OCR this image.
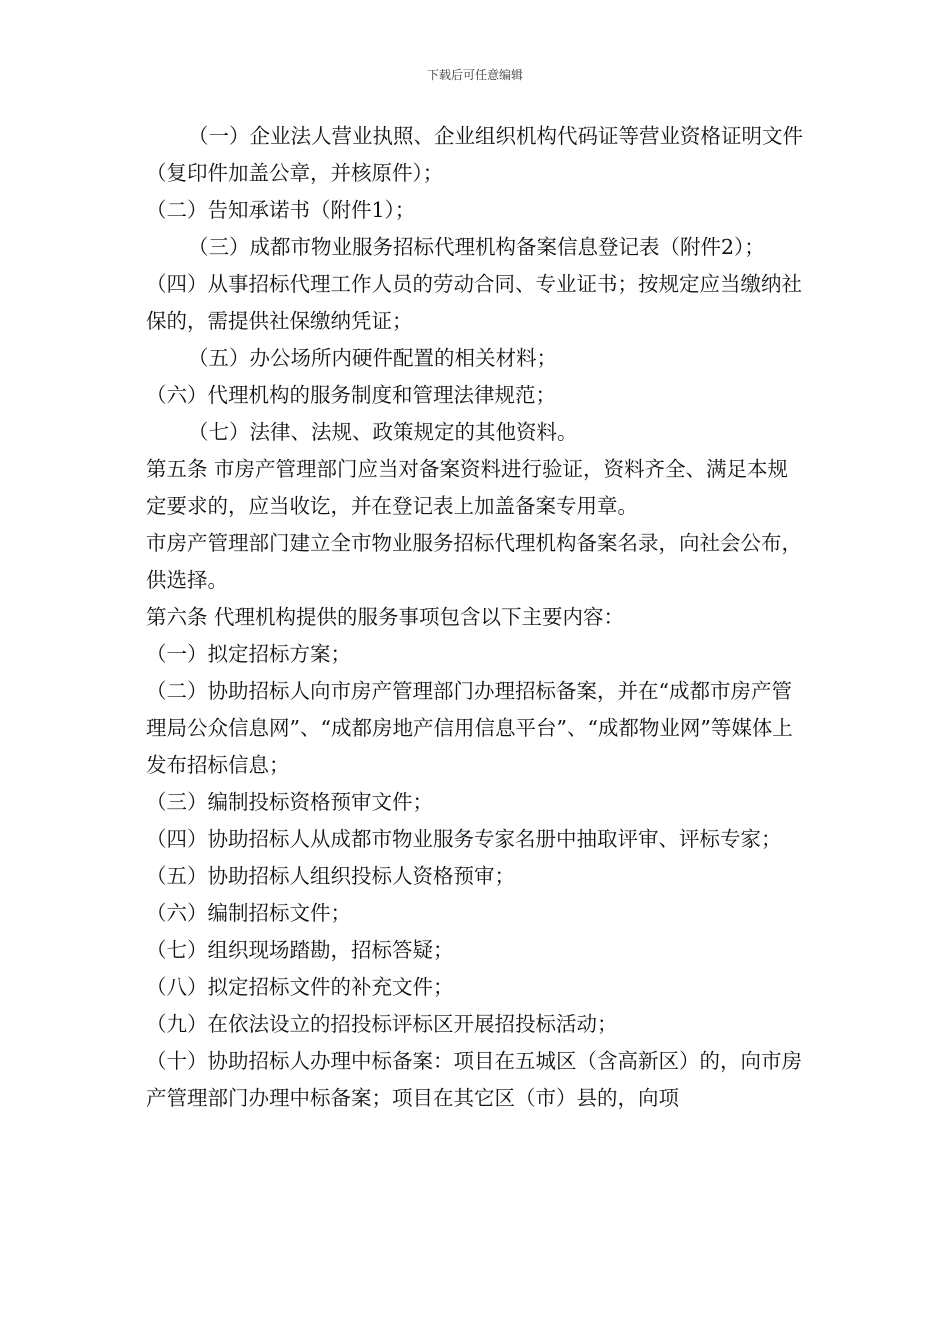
下载后可任意编辑

（一）企业法人营业执照、企业组织机构代码证等营业资格证明文件（复印件加盖公章，并核原件）；

（二）告知承诺书（附件1）；

（三）成都市物业服务招标代理机构备案信息登记表（附件2）；

（四）从事招标代理工作人员的劳动合同、专业证书；按规定应当缴纳社保的，需提供社保缴纳凭证；

（五）办公场所内硬件配置的相关材料；

（六）代理机构的服务制度和管理法律规范；

（七）法律、法规、政策规定的其他资料。

第五条 市房产管理部门应当对备案资料进行验证，资料齐全、满足本规定要求的，应当收讫，并在登记表上加盖备案专用章。

市房产管理部门建立全市物业服务招标代理机构备案名录，向社会公布，供选择。

第六条 代理机构提供的服务事项包含以下主要内容：

（一）拟定招标方案；

（二）协助招标人向市房产管理部门办理招标备案，并在“成都市房产管理局公众信息网”、“成都房地产信用信息平台”、“成都物业网”等媒体上发布招标信息；

（三）编制投标资格预审文件；

（四）协助招标人从成都市物业服务专家名册中抽取评审、评标专家；

（五）协助招标人组织投标人资格预审；

（六）编制招标文件；

（七）组织现场踏勘，招标答疑；

（八）拟定招标文件的补充文件；

（九）在依法设立的招投标评标区开展招投标活动；

（十）协助招标人办理中标备案：项目在五城区（含高新区）的，向市房产管理部门办理中标备案；项目在其它区（市）县的，向项
